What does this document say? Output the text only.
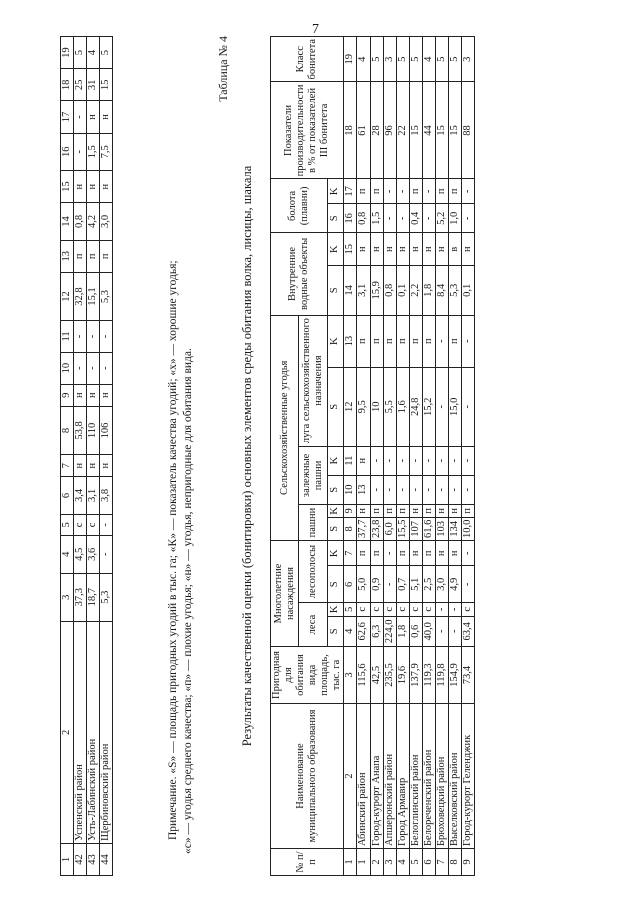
7
1	2	3	4	5	6	7	8	9	10	11	12	13	14	15	16	17	18	19
42	Успенский район	37,3	4,5	с	3,4	н	53,8	н	-	-	32,8	п	0,8	н	-	-	25	5
43	Усть-Лабинский район	18,7	3,6	с	3,1	н	110	н	-	-	15,1	п	4,2	н	1,5	н	31	4
44	Щербиновский район	5,3	-	-	3,8	н	106	н	-	-	5,3	п	3,0	н	7,5	н	15	5
Примечание. «S» — площадь пригодных угодий в тыс. га; «К» — показатель качества угодий; «х» — хорошие угодья; «с» — угодья среднего качества; «п» — плохие угодья; «н» — угодья, непригодные для обитания вида.
Таблица № 4
Результаты качественной оценки (бонитировки) основных элементов среды обитания волка, лисицы, шакала
№ п/п	Наименование муниципального образования	Пригодная для обитания вида площадь, тыс. га	Многолетние насаждения				Сельскохозяйственные угодья						Внутренние водные объекты		болота (плавни)		Показатели производительности в % от показателей III бонитета	Класс бонитета
			леса		лесополосы		пашни		залежные пашни		луга сельскохозяйственного назначения							
			S	K	S	K	S	K	S	K	S	K	S	K	S	K		
1	2	3	4	5	6	7	8	9	10	11	12	13	14	15	16	17	18	19
1	Абинский район	115,6	62,6	с	5,0	п	37,7	н	13	н	9,5	п	3,1	н	0,8	п	61	4
2	Город-курорт Анапа	42,5	6,3	с	0,9	п	23,8	п	-	-	10	п	15,9	н	1,5	п	28	5
3	Апшеронский район	235,5	224,0	с	-	-	6,0	п	-	-	5,5	п	0,8	н	-	-	96	3
4	Город Армавир	19,6	1,8	с	0,7	п	15,5	п	-	-	1,6	п	0,1	н	-	-	22	5
5	Белоглинский район	137,9	0,6	с	5,1	н	107	н	-	-	24,8	п	2,2	н	0,4	п	15	5
6	Белореченский район	119,3	40,0	с	2,5	п	61,6	п	-	-	15,2	п	1,8	н	-	-	44	4
7	Брюховецкий район	119,8	-	-	3,0	н	103	н	-	-	-	-	8,4	н	5,2	п	15	5
8	Выселковский район	154,9	-	-	4,9	н	134	н	-	-	15,0	п	5,3	в	1,0	п	15	5
9	Город-курорт Геленджик	73,4	63,4	с	-	-	10,0	п	-	-	-	-	0,1	н	-	-	88	3
